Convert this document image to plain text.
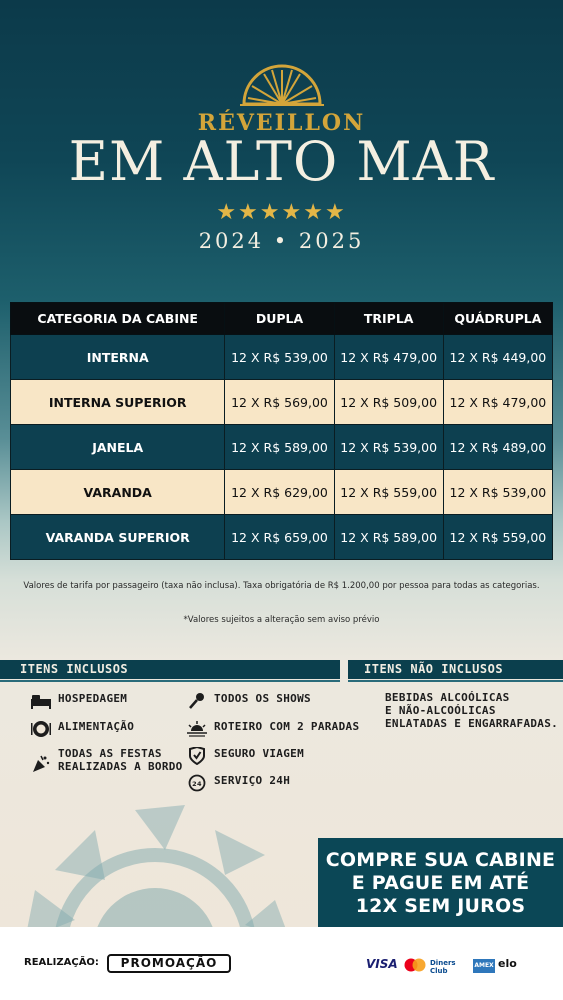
RÉVEILLON
EM ALTO MAR
★★★★★★
2024 • 2025
CATEGORIA DA CABINE	DUPLA	TRIPLA	QUÁDRUPLA
INTERNA	12 X R$ 539,00	12 X R$ 479,00	12 X R$ 449,00
INTERNA SUPERIOR	12 X R$ 569,00	12 X R$ 509,00	12 X R$ 479,00
JANELA	12 X R$ 589,00	12 X R$ 539,00	12 X R$ 489,00
VARANDA	12 X R$ 629,00	12 X R$ 559,00	12 X R$ 539,00
VARANDA SUPERIOR	12 X R$ 659,00	12 X R$ 589,00	12 X R$ 559,00
Valores de tarifa por passageiro (taxa não inclusa). Taxa obrigatória de R$ 1.200,00 por pessoa para todas as categorias.
*Valores sujeitos a alteração sem aviso prévio
ITENS INCLUSOS	ITENS NÃO INCLUSOS
HOSPEDAGEM
ALIMENTAÇÃO
TODAS AS FESTAS
REALIZADAS A BORDO
TODOS OS SHOWS
ROTEIRO COM 2 PARADAS
SEGURO VIAGEM
24 SERVIÇO 24H
BEBIDAS ALCOÓLICAS
E NÃO-ALCOÓLICAS
ENLATADAS E ENGARRAFADAS.
COMPRE SUA CABINE
E PAGUE EM ATÉ
12X SEM JUROS
REALIZAÇÃO:	PROMOAÇÃO	VISA	Diners Club
AMEX elo
